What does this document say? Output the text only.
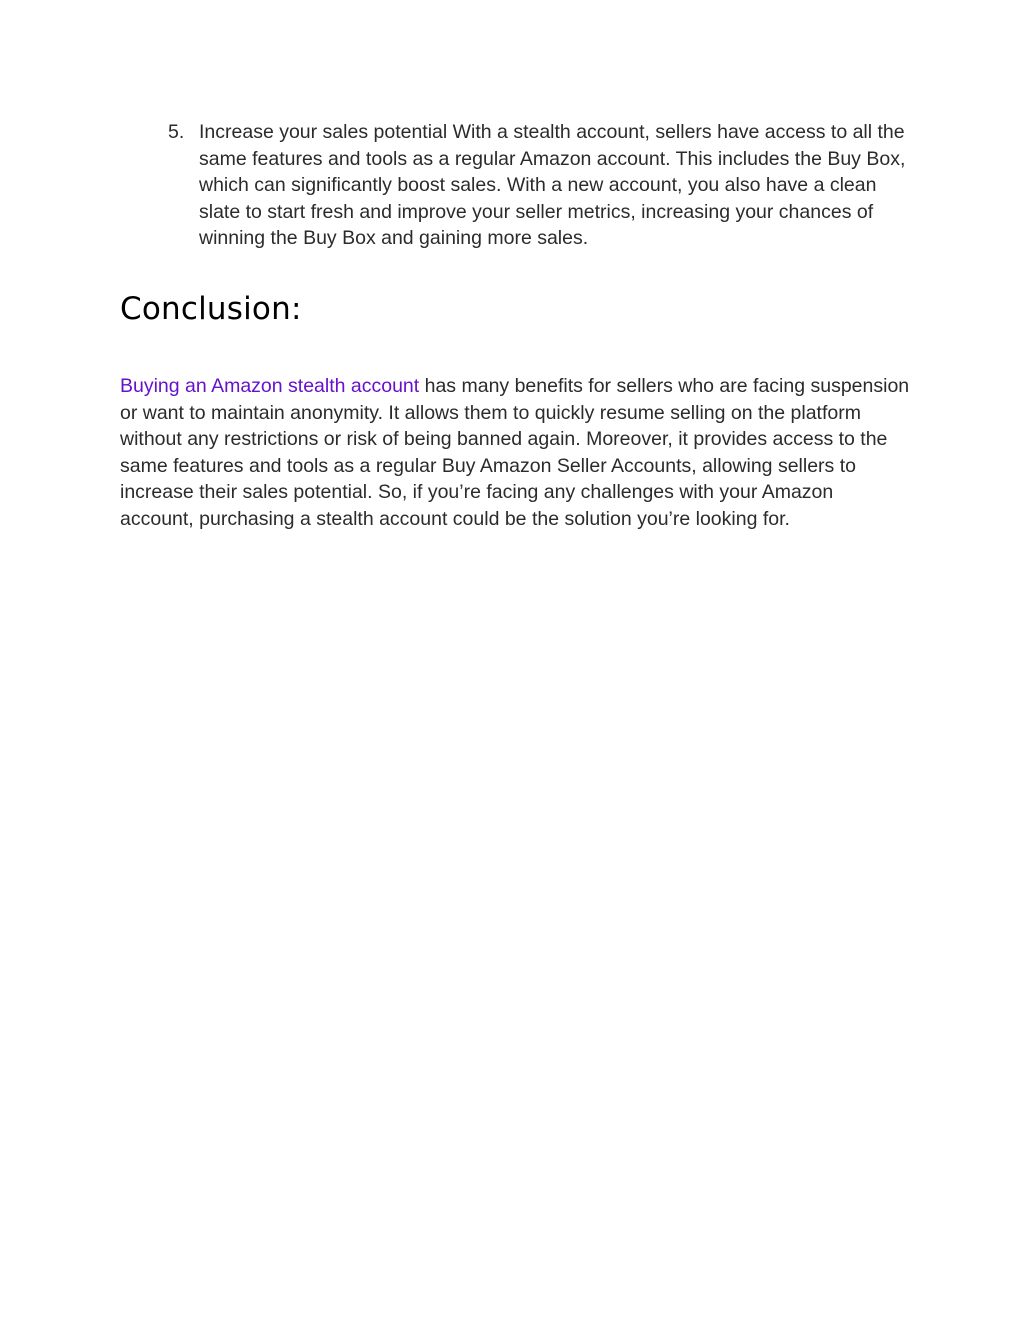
5. Increase your sales potential With a stealth account, sellers have access to all the same features and tools as a regular Amazon account. This includes the Buy Box, which can significantly boost sales. With a new account, you also have a clean slate to start fresh and improve your seller metrics, increasing your chances of winning the Buy Box and gaining more sales.
Conclusion:

Buying an Amazon stealth account has many benefits for sellers who are facing suspension or want to maintain anonymity. It allows them to quickly resume selling on the platform without any restrictions or risk of being banned again. Moreover, it provides access to the same features and tools as a regular Buy Amazon Seller Accounts, allowing sellers to increase their sales potential. So, if you’re facing any challenges with your Amazon account, purchasing a stealth account could be the solution you’re looking for.
